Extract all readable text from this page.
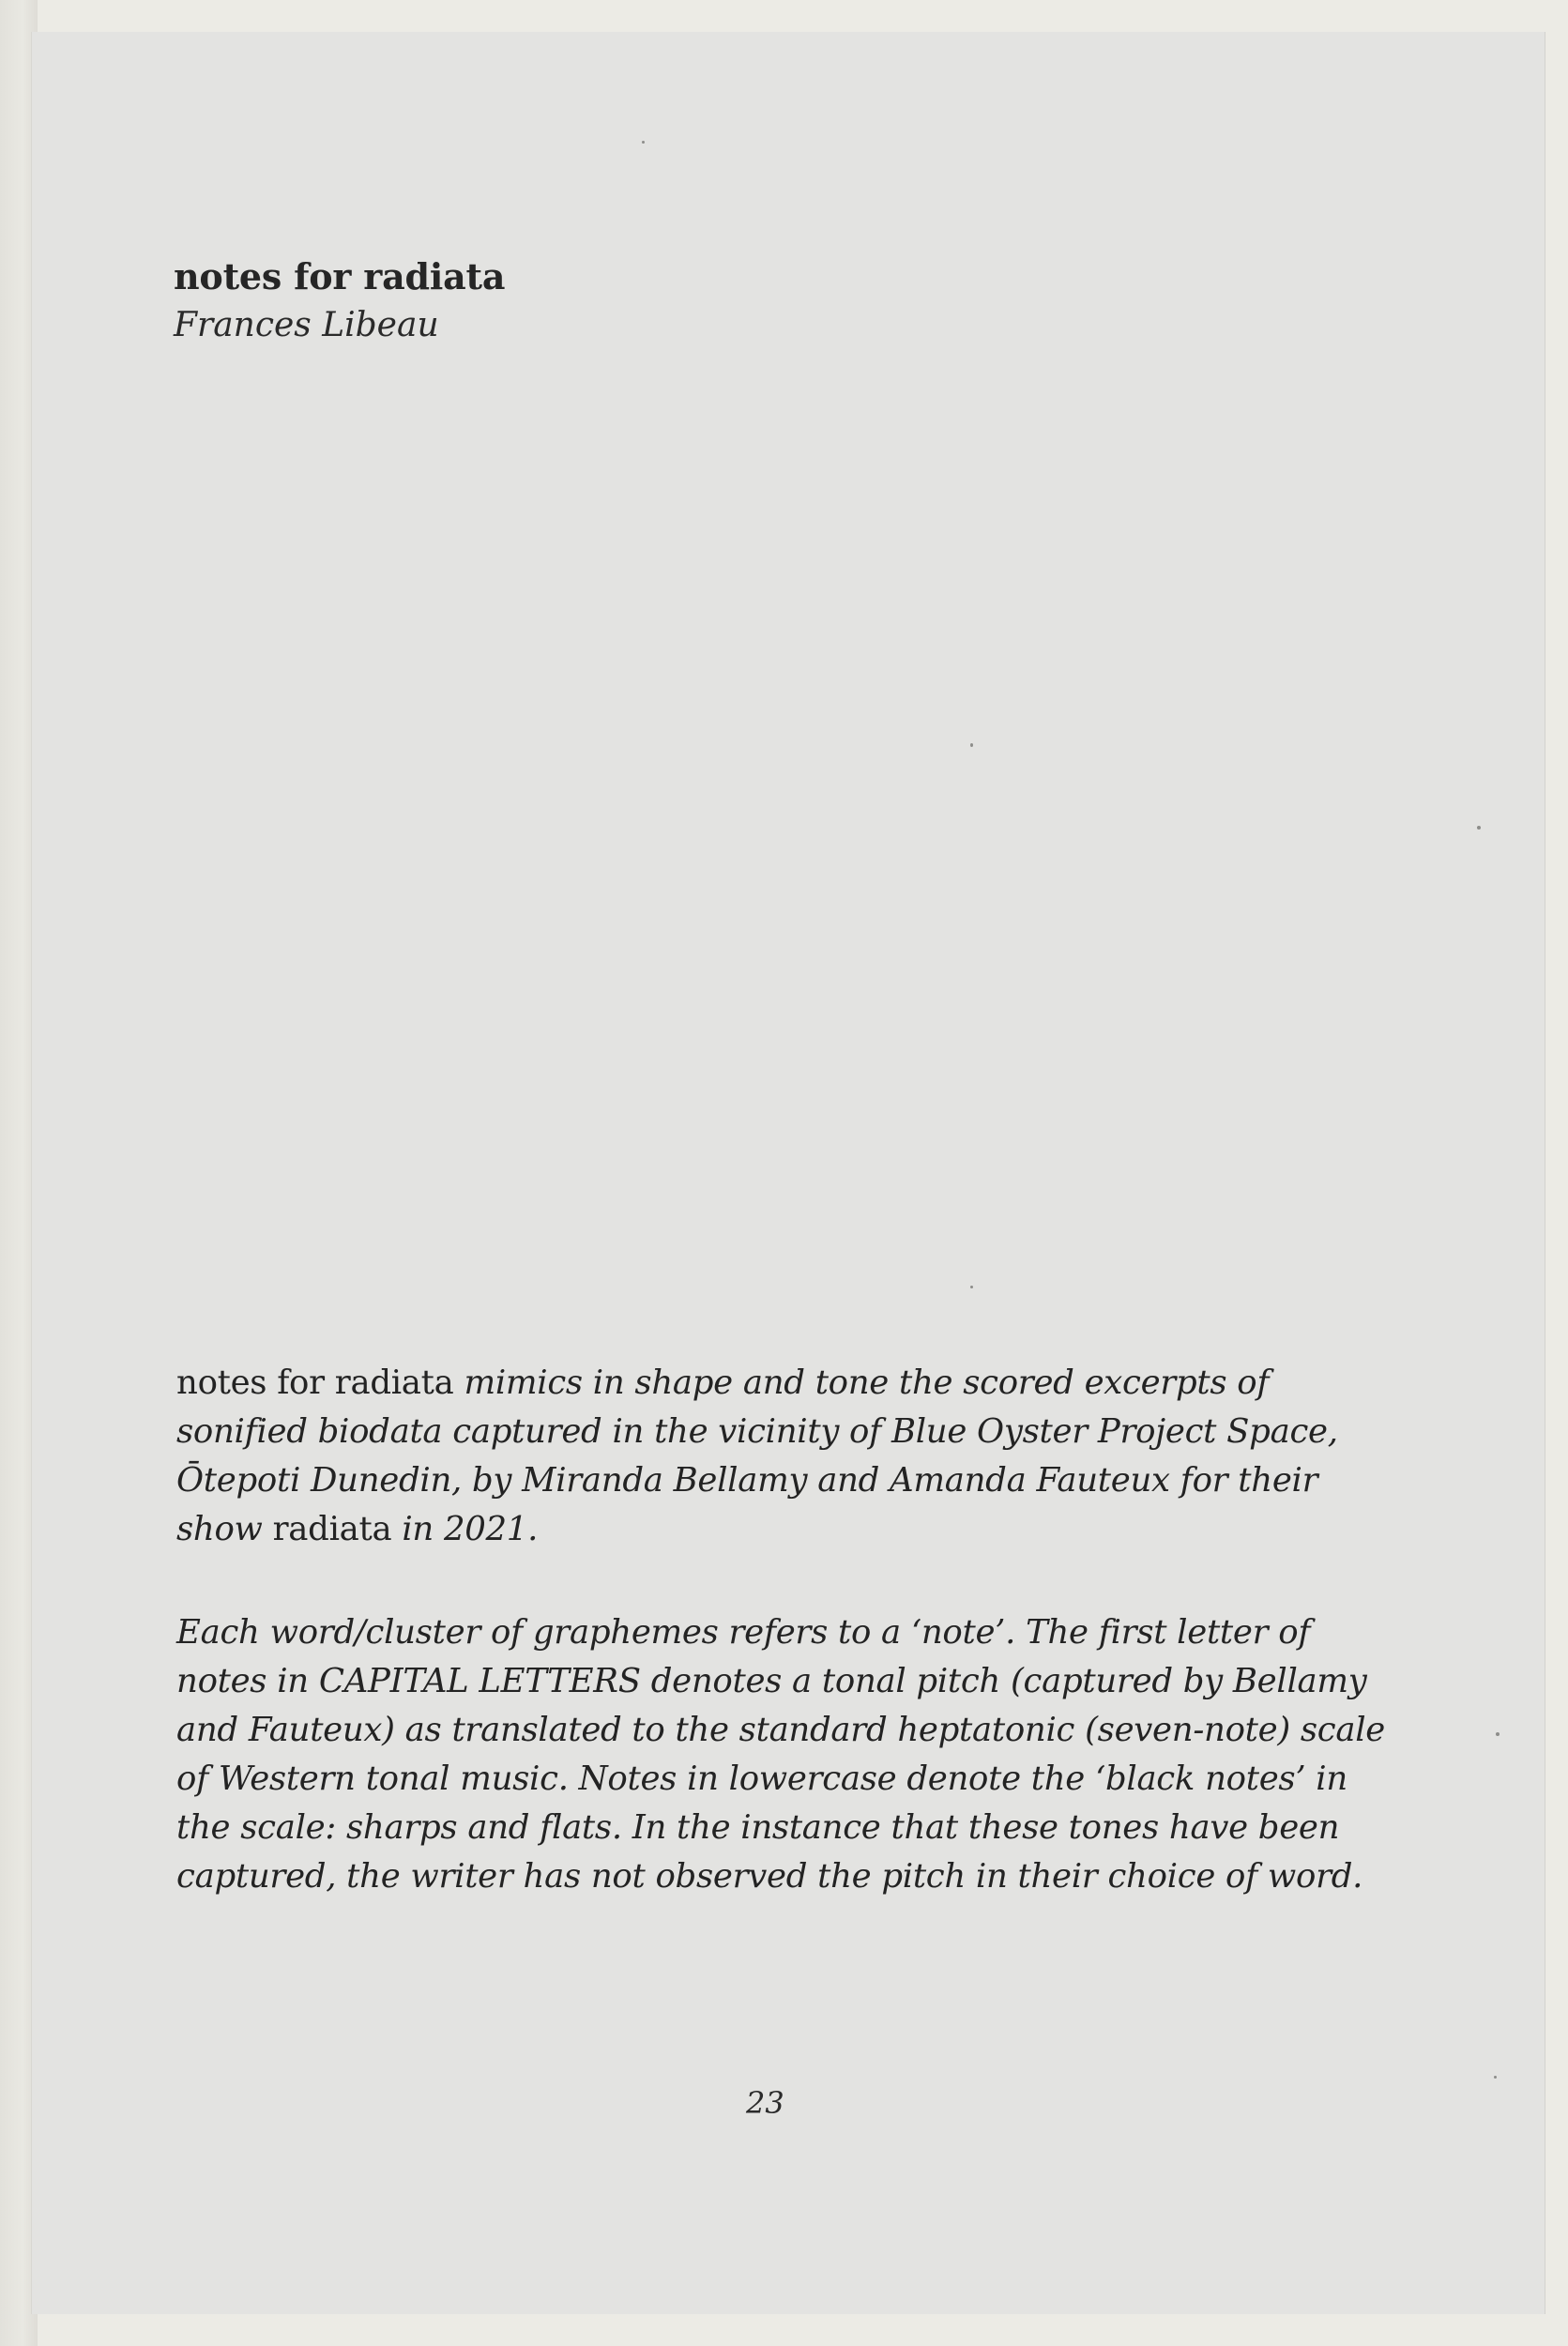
notes for radiata
Frances Libeau

notes for radiata mimics in shape and tone the scored excerpts of sonified biodata captured in the vicinity of Blue Oyster Project Space, Ōtepoti Dunedin, by Miranda Bellamy and Amanda Fauteux for their show radiata in 2021.

Each word/cluster of graphemes refers to a ‘note’. The first letter of notes in CAPITAL LETTERS denotes a tonal pitch (captured by Bellamy and Fauteux) as translated to the standard heptatonic (seven-note) scale of Western tonal music. Notes in lowercase denote the ‘black notes’ in the scale: sharps and flats. In the instance that these tones have been captured, the writer has not observed the pitch in their choice of word.

23
